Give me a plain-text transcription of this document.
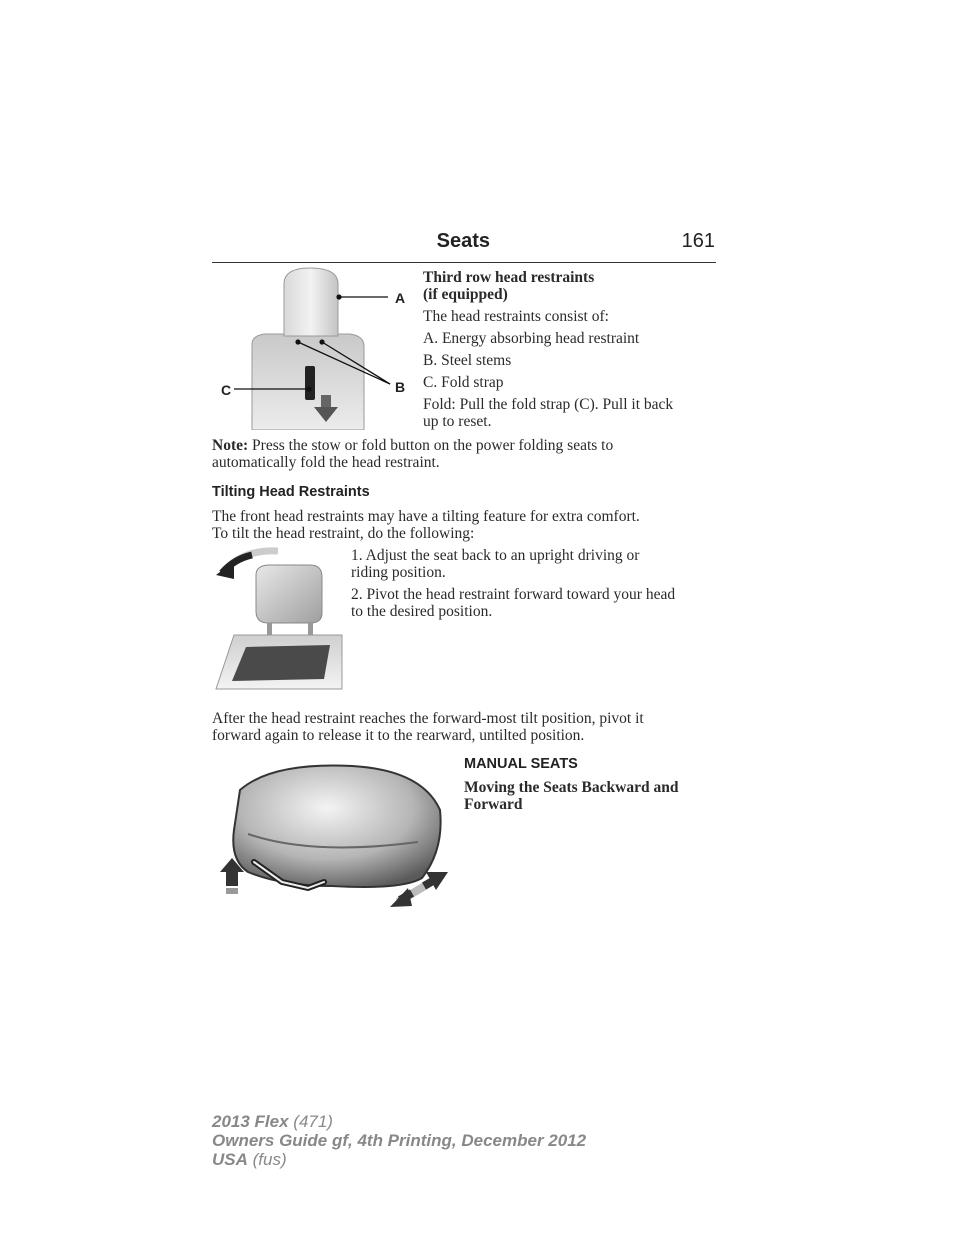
Seats	161
A
B
C

Third row head restraints

(if equipped)

The head restraints consist of:

A. Energy absorbing head restraint

B. Steel stems

C. Fold strap

Fold: Pull the fold strap (C). Pull it back

up to reset.

Note: Press the stow or fold button on the power folding seats to

automatically fold the head restraint.

Tilting Head Restraints

The front head restraints may have a tilting feature for extra comfort.

To tilt the head restraint, do the following:

1. Adjust the seat back to an upright driving or

riding position.

2. Pivot the head restraint forward toward your head

to the desired position.

After the head restraint reaches the forward-most tilt position, pivot it

forward again to release it to the rearward, untilted position.

MANUAL SEATS

Moving the Seats Backward and

Forward

2013 Flex (471)
Owners Guide gf, 4th Printing, December 2012
USA (fus)
